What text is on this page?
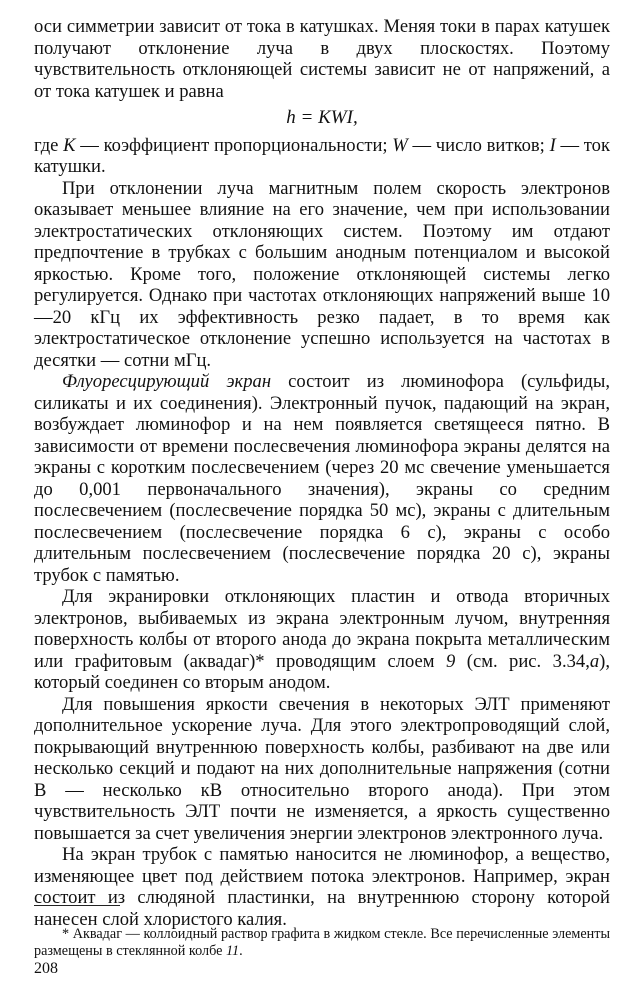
оси симметрии зависит от тока в катушках. Меняя токи в парах катушек получают отклонение луча в двух плоскостях. Поэтому чувствительность отклоняющей системы зависит не от напряжений, а от тока катушек и равна

h = KWI,

где K — коэффициент пропорциональности; W — число витков; I — ток катушки.

При отклонении луча магнитным полем скорость электронов оказывает меньшее влияние на его значение, чем при использовании электростатических отклоняющих систем. Поэтому им отдают предпочтение в трубках с большим анодным потенциалом и высокой яркостью. Кроме того, положение отклоняющей системы легко регулируется. Однако при частотах отклоняющих напряжений выше 10—20 кГц их эффективность резко падает, в то время как электростатическое отклонение успешно используется на частотах в десятки — сотни мГц.

Флуоресцирующий экран состоит из люминофора (сульфиды, силикаты и их соединения). Электронный пучок, падающий на экран, возбуждает люминофор и на нем появляется светящееся пятно. В зависимости от времени послесвечения люминофора экраны делятся на экраны с коротким послесвечением (через 20 мс свечение уменьшается до 0,001 первоначального значения), экраны со средним послесвечением (послесвечение порядка 50 мс), экраны с длительным послесвечением (послесвечение порядка 6 с), экраны с особо длительным послесвечением (послесвечение порядка 20 с), экраны трубок с памятью.

Для экранировки отклоняющих пластин и отвода вторичных электронов, выбиваемых из экрана электронным лучом, внутренняя поверхность колбы от второго анода до экрана покрыта металлическим или графитовым (аквадаг)* проводящим слоем 9 (см. рис. 3.34,a), который соединен со вторым анодом.

Для повышения яркости свечения в некоторых ЭЛТ применяют дополнительное ускорение луча. Для этого электропроводящий слой, покрывающий внутреннюю поверхность колбы, разбивают на две или несколько секций и подают на них дополнительные напряжения (сотни В — несколько кВ относительно второго анода). При этом чувствительность ЭЛТ почти не изменяется, а яркость существенно повышается за счет увеличения энергии электронов электронного луча.

На экран трубок с памятью наносится не люминофор, а вещество, изменяющее цвет под действием потока электронов. Например, экран состоит из слюдяной пластинки, на внутреннюю сторону которой нанесен слой хлористого калия.

* Аквадаг — коллоидный раствор графита в жидком стекле. Все перечисленные элементы размещены в стеклянной колбе 11.

208
